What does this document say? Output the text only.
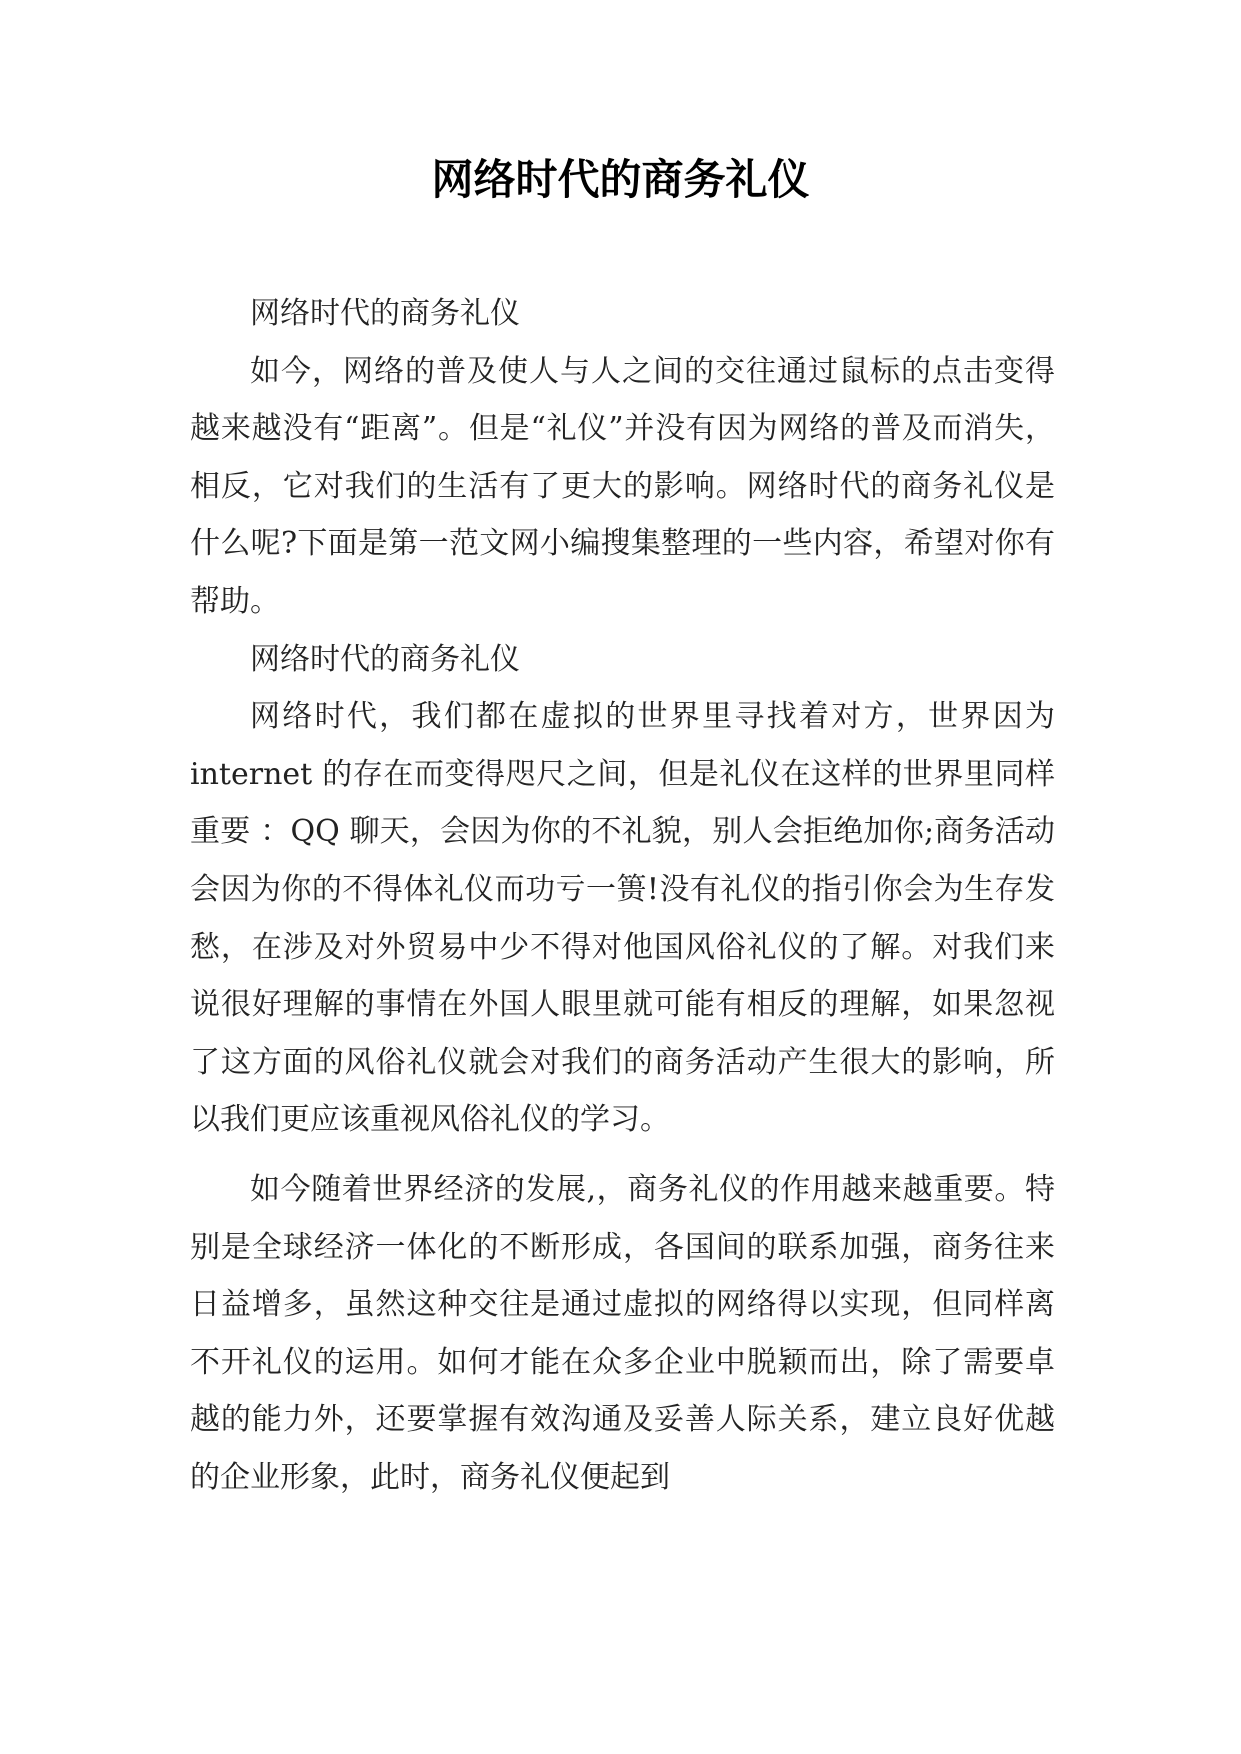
网络时代的商务礼仪

网络时代的商务礼仪

如今，网络的普及使人与人之间的交往通过鼠标的点击变得越来越没有“距离”。但是“礼仪”并没有因为网络的普及而消失，相反，它对我们的生活有了更大的影响。网络时代的商务礼仪是什么呢?下面是第一范文网小编搜集整理的一些内容，希望对你有帮助。

网络时代的商务礼仪

网络时代，我们都在虚拟的世界里寻找着对方，世界因为 internet 的存在而变得咫尺之间，但是礼仪在这样的世界里同样重要 ：QQ 聊天，会因为你的不礼貌，别人会拒绝加你;商务活动会因为你的不得体礼仪而功亏一篑!没有礼仪的指引你会为生存发愁，在涉及对外贸易中少不得对他国风俗礼仪的了解。对我们来说很好理解的事情在外国人眼里就可能有相反的理解，如果忽视了这方面的风俗礼仪就会对我们的商务活动产生很大的影响，所以我们更应该重视风俗礼仪的学习。

如今随着世界经济的发展,，商务礼仪的作用越来越重要。特别是全球经济一体化的不断形成，各国间的联系加强，商务往来日益增多，虽然这种交往是通过虚拟的网络得以实现，但同样离不开礼仪的运用。如何才能在众多企业中脱颖而出，除了需要卓越的能力外，还要掌握有效沟通及妥善人际关系，建立良好优越的企业形象，此时，商务礼仪便起到
